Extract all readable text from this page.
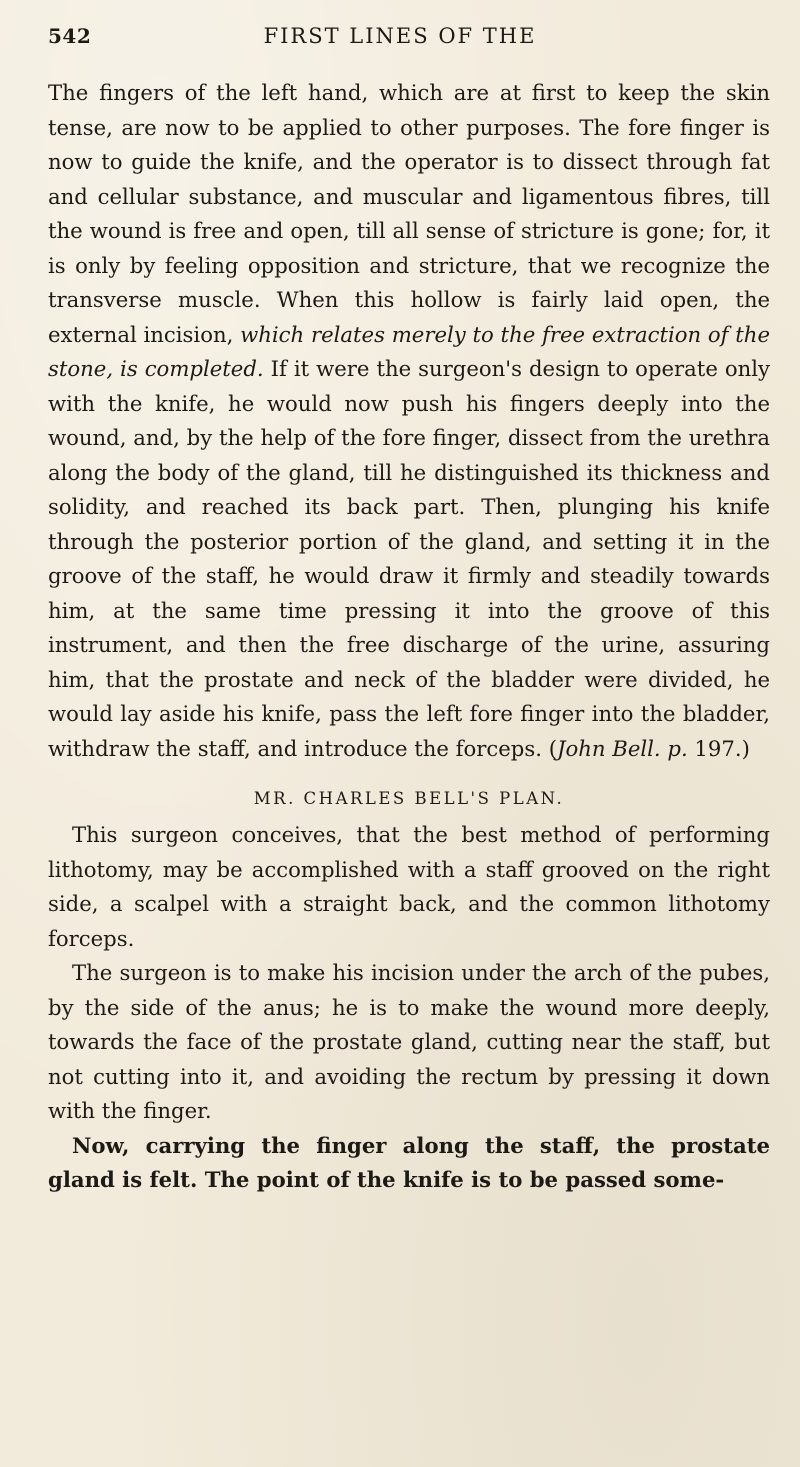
542	FIRST LINES OF THE

The fingers of the left hand, which are at first to keep the skin tense, are now to be applied to other purposes. The fore finger is now to guide the knife, and the operator is to dissect through fat and cellular substance, and muscular and ligamentous fibres, till the wound is free and open, till all sense of stricture is gone; for, it is only by feeling opposition and stricture, that we recognize the transverse muscle. When this hollow is fairly laid open, the external incision, which relates merely to the free extraction of the stone, is completed. If it were the surgeon's design to operate only with the knife, he would now push his fingers deeply into the wound, and, by the help of the fore finger, dissect from the urethra along the body of the gland, till he distinguished its thickness and solidity, and reached its back part. Then, plunging his knife through the posterior portion of the gland, and setting it in the groove of the staff, he would draw it firmly and steadily towards him, at the same time pressing it into the groove of this instrument, and then the free discharge of the urine, assuring him, that the prostate and neck of the bladder were divided, he would lay aside his knife, pass the left fore finger into the bladder, withdraw the staff, and introduce the forceps. (John Bell. p. 197.)

MR. CHARLES BELL'S PLAN.

This surgeon conceives, that the best method of performing lithotomy, may be accomplished with a staff grooved on the right side, a scalpel with a straight back, and the common lithotomy forceps.

The surgeon is to make his incision under the arch of the pubes, by the side of the anus; he is to make the wound more deeply, towards the face of the prostate gland, cutting near the staff, but not cutting into it, and avoiding the rectum by pressing it down with the finger.

Now, carrying the finger along the staff, the prostate gland is felt. The point of the knife is to be passed some-
